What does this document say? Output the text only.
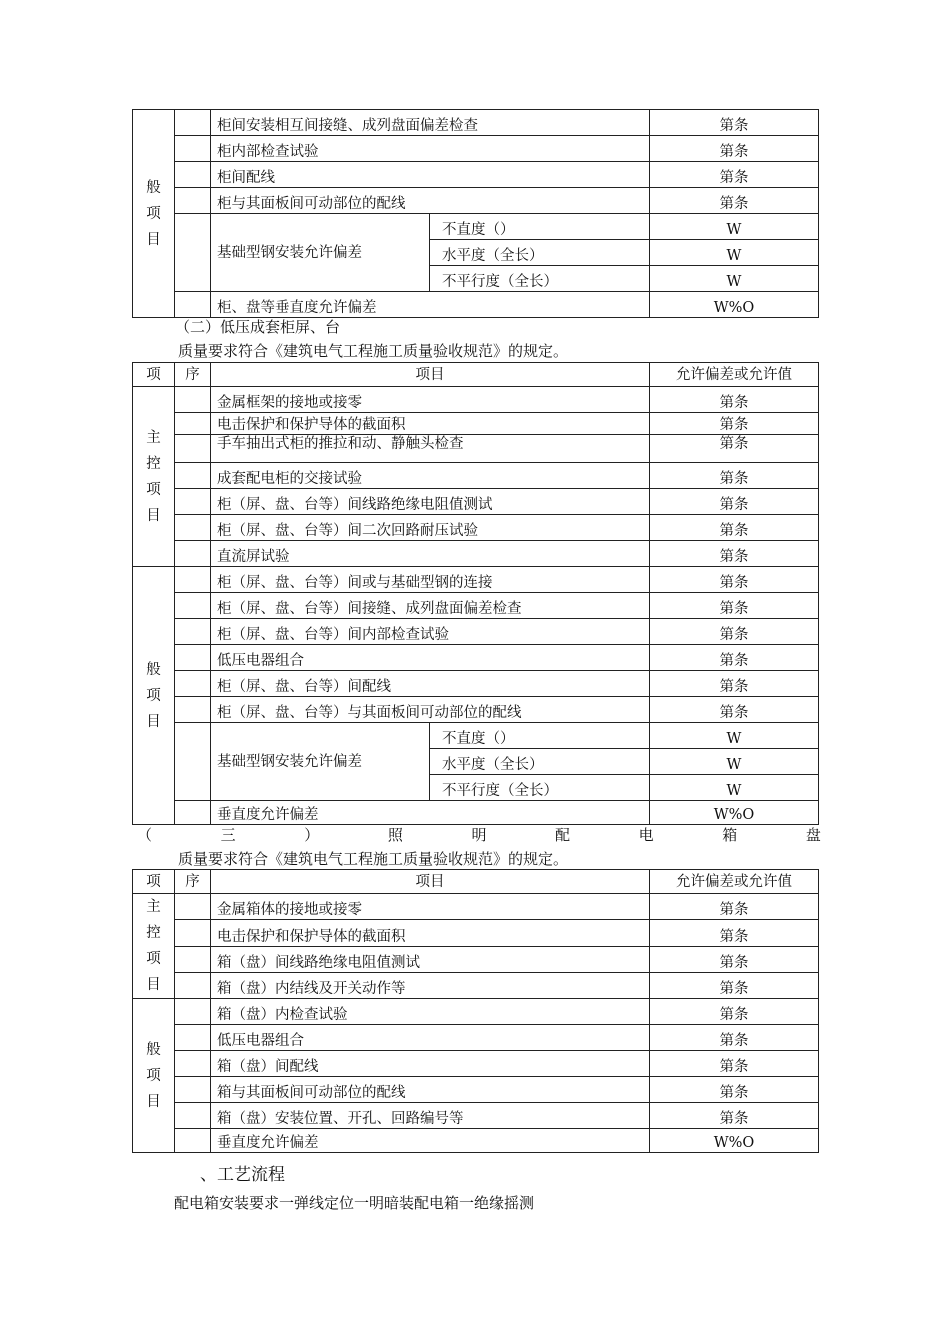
般
项
目		柜间安装相互间接缝、成列盘面偏差检查		第条
		柜内部检查试验		第条
		柜间配线		第条
		柜与其面板间可动部位的配线		第条
		基础型钢安装允许偏差	不直度（）	W
			水平度（全长）	W
			不平行度（全长）	W
		柜、盘等垂直度允许偏差		W%O
（二）低压成套柜屏、台
质量要求符合《建筑电气工程施工质量验收规范》的规定。
项	序	项目		允许偏差或允许值

主
控
项
目		金属框架的接地或接零		第条
		电击保护和保护导体的截面积		第条
		手车抽出式柜的推拉和动、静触头检查		第条
		成套配电柜的交接试验		第条
		柜（屏、盘、台等）间线路绝缘电阻值测试		第条
		柜（屏、盘、台等）间二次回路耐压试验		第条
		直流屏试验		第条

般
项
目		柜（屏、盘、台等）间或与基础型钢的连接		第条
		柜（屏、盘、台等）间接缝、成列盘面偏差检查		第条
		柜（屏、盘、台等）间内部检查试验		第条
		低压电器组合		第条
		柜（屏、盘、台等）间配线		第条
		柜（屏、盘、台等）与其面板间可动部位的配线		第条
		基础型钢安装允许偏差	不直度（）	W
			水平度（全长）	W
			不平行度（全长）	W
		垂直度允许偏差		W%O
（	三	）	照	明	配	电	箱	盘
质量要求符合《建筑电气工程施工质量验收规范》的规定。
项	序	项目	允许偏差或允许值

主
控
项
目		金属箱体的接地或接零	第条
		电击保护和保护导体的截面积	第条
		箱（盘）间线路绝缘电阻值测试	第条
		箱（盘）内结线及开关动作等	第条

般
项
目		箱（盘）内检查试验	第条
		低压电器组合	第条
		箱（盘）间配线	第条
		箱与其面板间可动部位的配线	第条
		箱（盘）安装位置、开孔、回路编号等	第条
		垂直度允许偏差	W%O
、工艺流程
配电箱安装要求一弹线定位一明暗装配电箱一绝缘摇测
